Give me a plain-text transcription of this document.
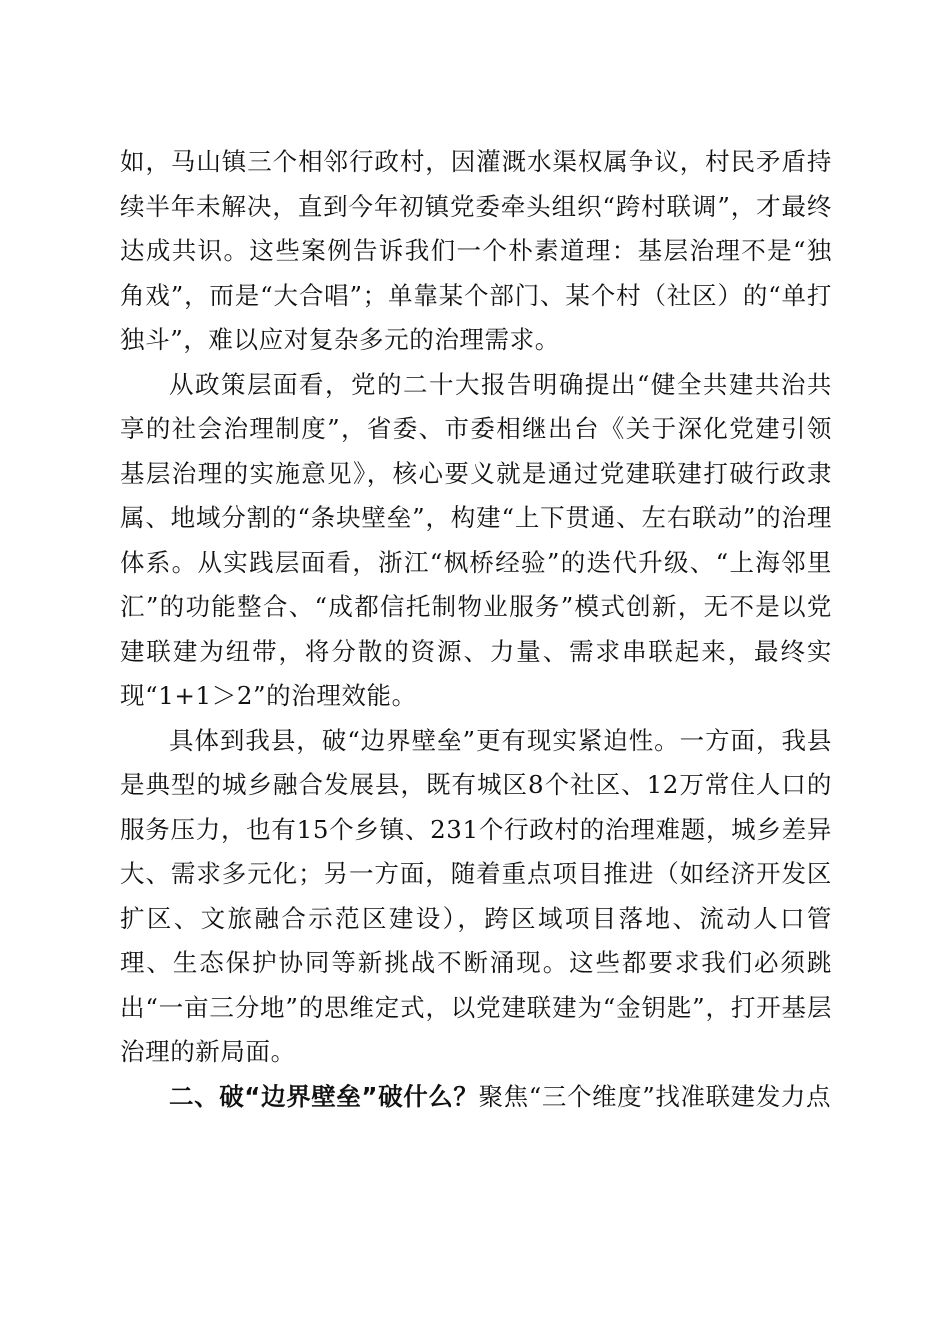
如，马山镇三个相邻行政村，因灌溉水渠权属争议，村民矛盾持续半年未解决，直到今年初镇党委牵头组织“跨村联调”，才最终达成共识。这些案例告诉我们一个朴素道理：基层治理不是“独角戏”，而是“大合唱”；单靠某个部门、某个村（社区）的“单打独斗”，难以应对复杂多元的治理需求。

从政策层面看，党的二十大报告明确提出“健全共建共治共享的社会治理制度”，省委、市委相继出台《关于深化党建引领基层治理的实施意见》，核心要义就是通过党建联建打破行政隶属、地域分割的“条块壁垒”，构建“上下贯通、左右联动”的治理体系。从实践层面看，浙江“枫桥经验”的迭代升级、“上海邻里汇”的功能整合、“成都信托制物业服务”模式创新，无不是以党建联建为纽带，将分散的资源、力量、需求串联起来，最终实现“1+1＞2”的治理效能。

具体到我县，破“边界壁垒”更有现实紧迫性。一方面，我县是典型的城乡融合发展县，既有城区8个社区、12万常住人口的服务压力，也有15个乡镇、231个行政村的治理难题，城乡差异大、需求多元化；另一方面，随着重点项目推进（如经济开发区扩区、文旅融合示范区建设），跨区域项目落地、流动人口管理、生态保护协同等新挑战不断涌现。这些都要求我们必须跳出“一亩三分地”的思维定式，以党建联建为“金钥匙”，打开基层治理的新局面。

二、破“边界壁垒”破什么？聚焦“三个维度”找准联建发力点
